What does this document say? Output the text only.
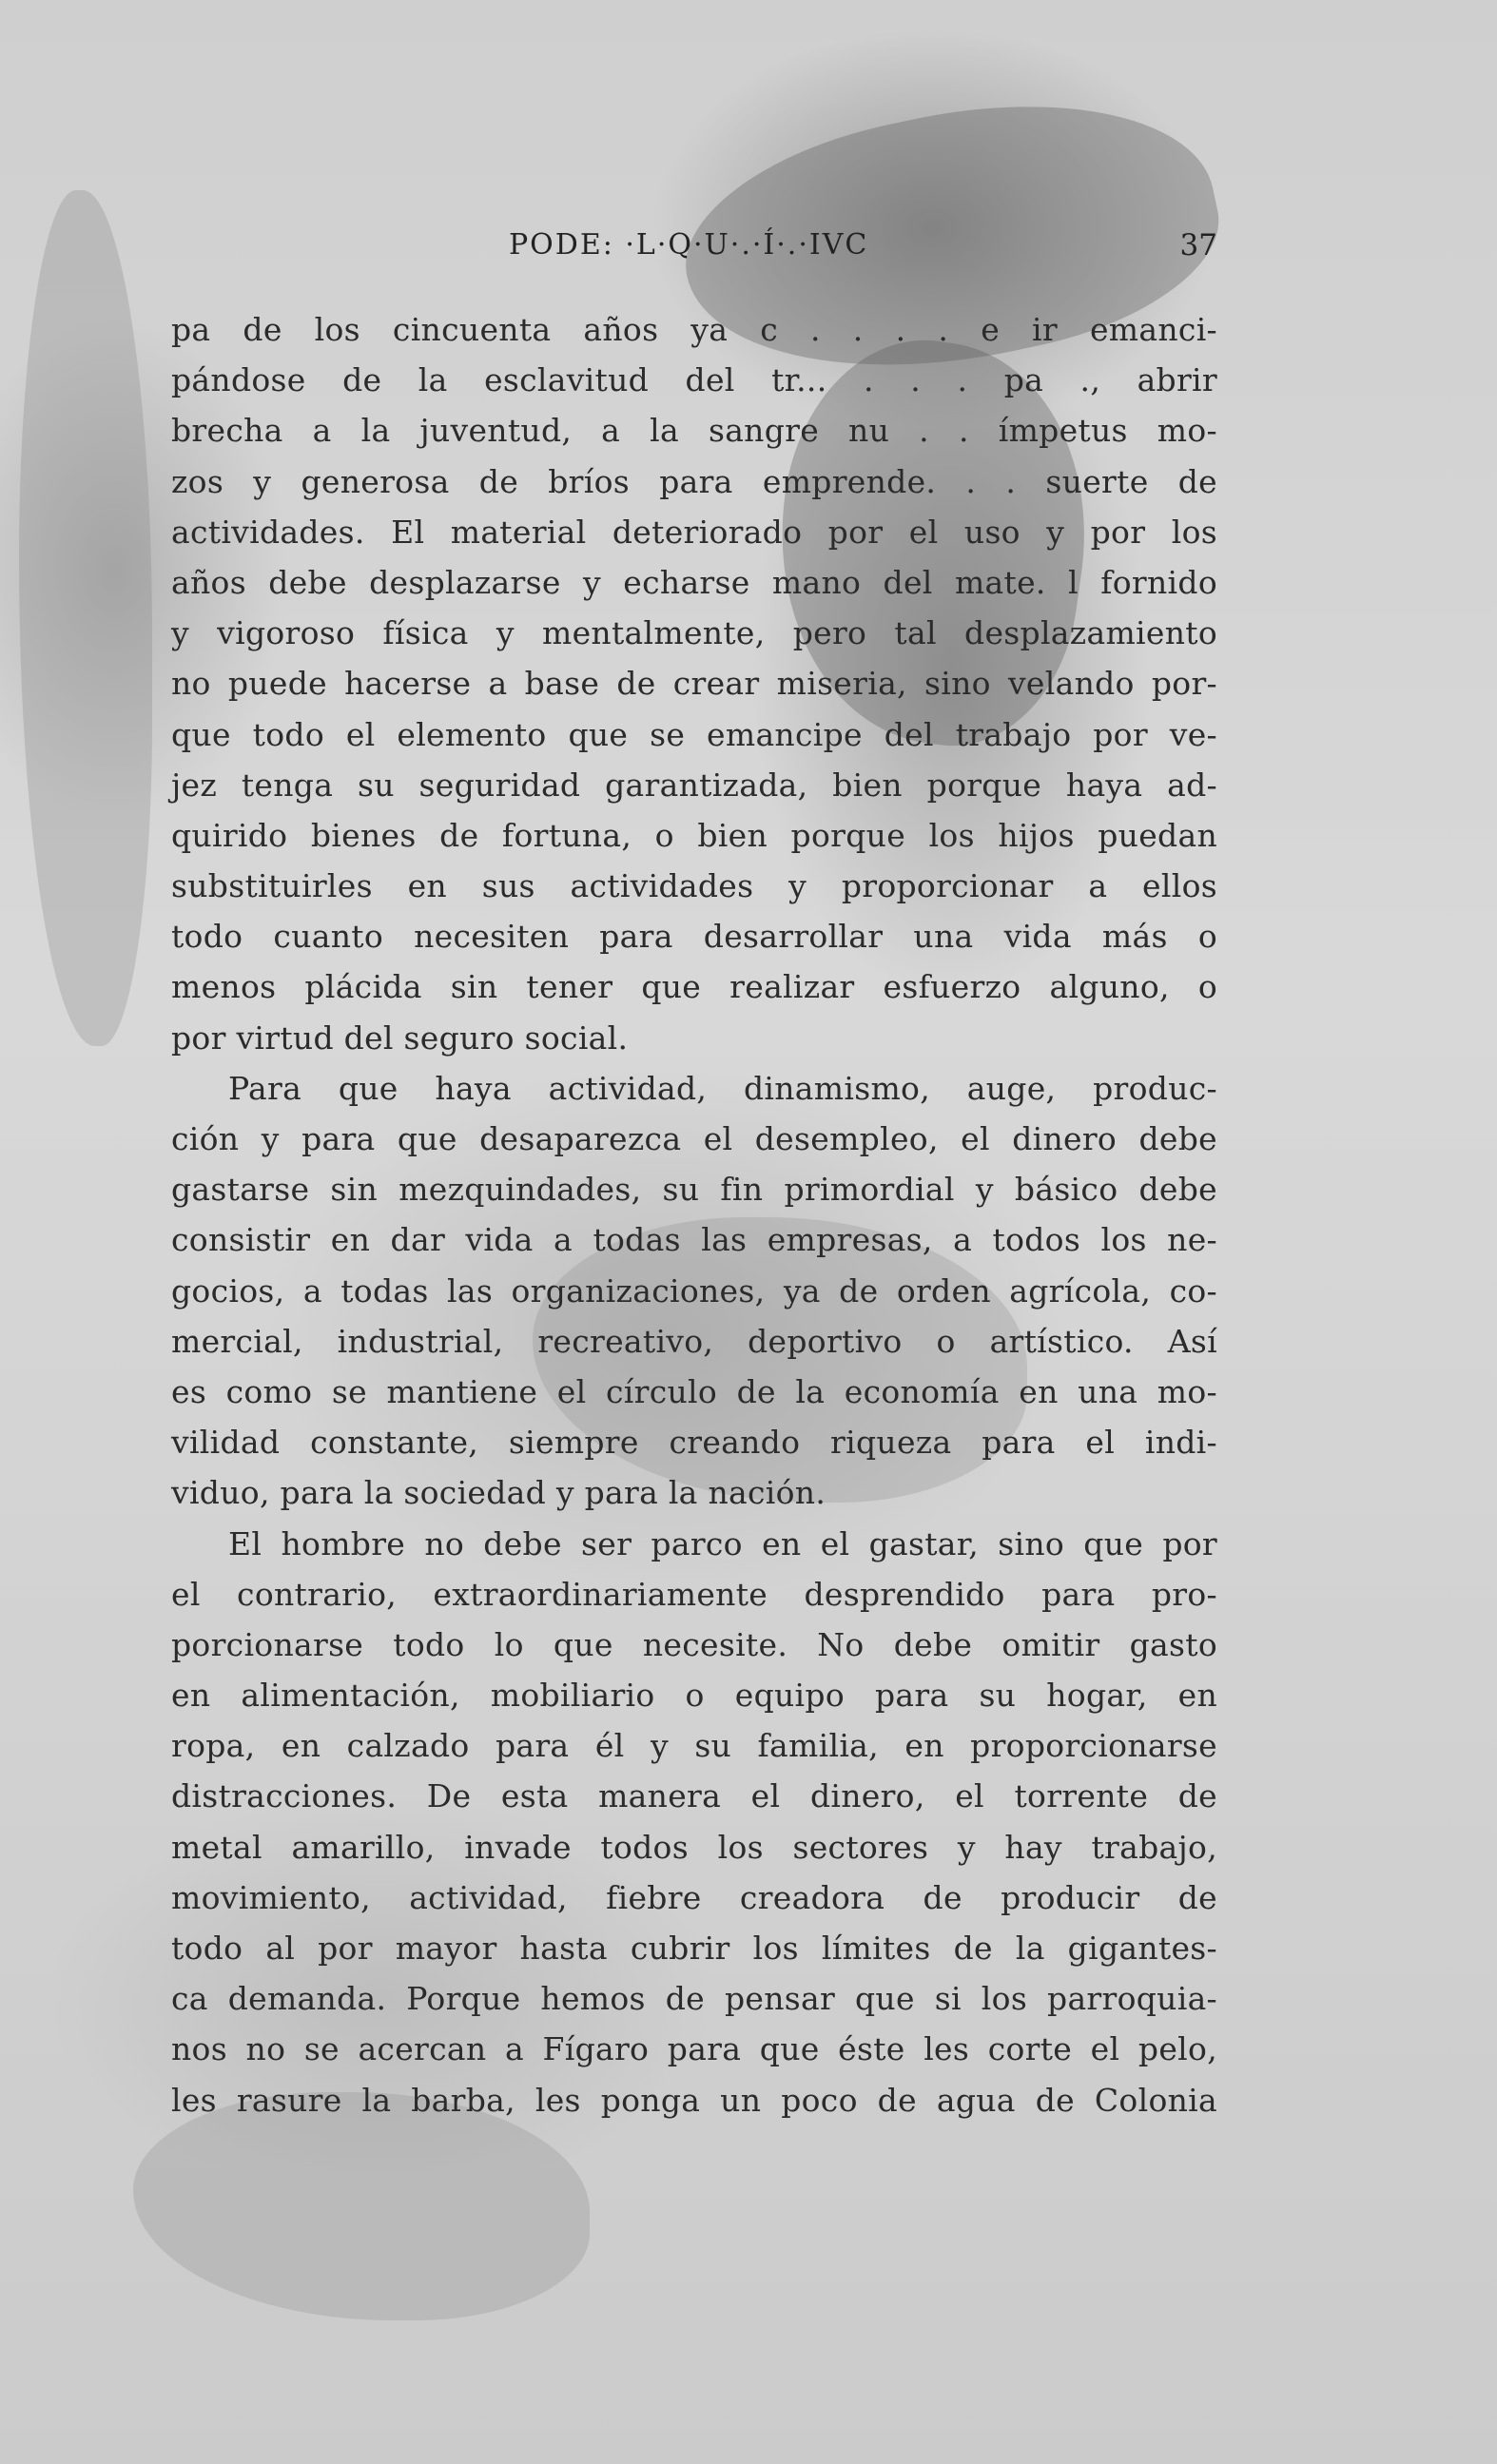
PODE: ·L·Q·U·.·Í·.·IVC	37
pa de los cincuenta años ya c . . . . e ir emanci-
pándose de la esclavitud del tr... . . . pa ., abrir
brecha a la juventud, a la sangre nu . . ímpetus mo-
zos y generosa de bríos para emprende. . . suerte de
actividades. El material deteriorado por el uso y por los
años debe desplazarse y echarse mano del mate. l fornido
y vigoroso física y mentalmente, pero tal desplazamiento
no puede hacerse a base de crear miseria, sino velando por-
que todo el elemento que se emancipe del trabajo por ve-
jez tenga su seguridad garantizada, bien porque haya ad-
quirido bienes de fortuna, o bien porque los hijos puedan
substituirles en sus actividades y proporcionar a ellos
todo cuanto necesiten para desarrollar una vida más o
menos plácida sin tener que realizar esfuerzo alguno, o
por virtud del seguro social.
Para que haya actividad, dinamismo, auge, produc-
ción y para que desaparezca el desempleo, el dinero debe
gastarse sin mezquindades, su fin primordial y básico debe
consistir en dar vida a todas las empresas, a todos los ne-
gocios, a todas las organizaciones, ya de orden agrícola, co-
mercial, industrial, recreativo, deportivo o artístico. Así
es como se mantiene el círculo de la economía en una mo-
vilidad constante, siempre creando riqueza para el indi-
viduo, para la sociedad y para la nación.
El hombre no debe ser parco en el gastar, sino que por
el contrario, extraordinariamente desprendido para pro-
porcionarse todo lo que necesite. No debe omitir gasto
en alimentación, mobiliario o equipo para su hogar, en
ropa, en calzado para él y su familia, en proporcionarse
distracciones. De esta manera el dinero, el torrente de
metal amarillo, invade todos los sectores y hay trabajo,
movimiento, actividad, fiebre creadora de producir de
todo al por mayor hasta cubrir los límites de la gigantes-
ca demanda. Porque hemos de pensar que si los parroquia-
nos no se acercan a Fígaro para que éste les corte el pelo,
les rasure la barba, les ponga un poco de agua de Colonia
